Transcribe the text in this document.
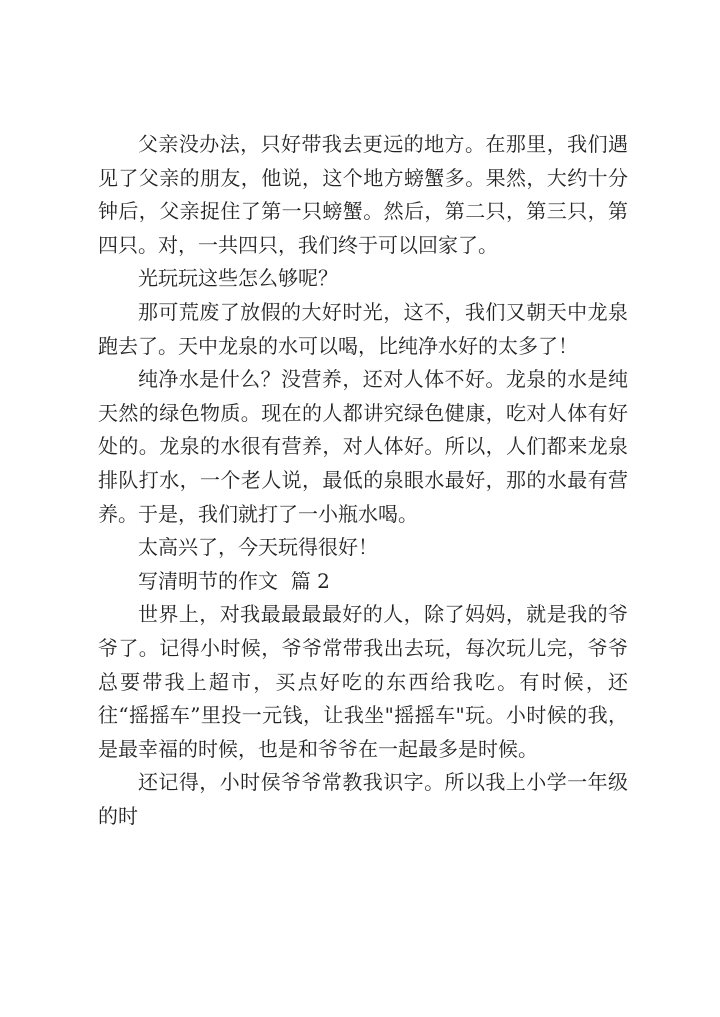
父亲没办法，只好带我去更远的地方。在那里，我们遇见了父亲的朋友，他说，这个地方螃蟹多。果然，大约十分钟后，父亲捉住了第一只螃蟹。然后，第二只，第三只，第四只。对，一共四只，我们终于可以回家了。

光玩玩这些怎么够呢？

那可荒废了放假的大好时光，这不，我们又朝天中龙泉跑去了。天中龙泉的水可以喝，比纯净水好的太多了！

纯净水是什么？没营养，还对人体不好。龙泉的水是纯天然的绿色物质。现在的人都讲究绿色健康，吃对人体有好处的。龙泉的水很有营养，对人体好。所以，人们都来龙泉排队打水，一个老人说，最低的泉眼水最好，那的水最有营养。于是，我们就打了一小瓶水喝。

太高兴了，今天玩得很好！

写清明节的作文  篇 2

世界上，对我最最最最好的人，除了妈妈，就是我的爷爷了。记得小时候，爷爷常带我出去玩，每次玩儿完，爷爷总要带我上超市，买点好吃的东西给我吃。有时候，还往“摇摇车”里投一元钱，让我坐"摇摇车"玩。小时候的我，是最幸福的时候，也是和爷爷在一起最多是时候。

还记得，小时侯爷爷常教我识字。所以我上小学一年级的时
